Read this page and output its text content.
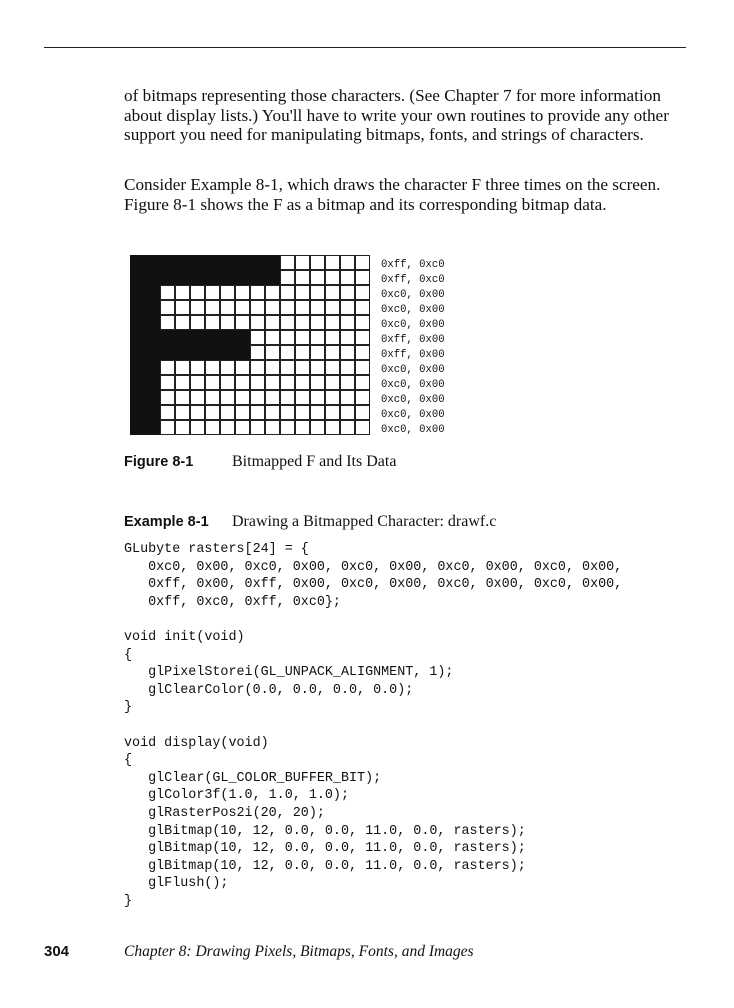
of bitmaps representing those characters. (See Chapter 7 for more information about display lists.) You'll have to write your own routines to provide any other support you need for manipulating bitmaps, fonts, and strings of characters.

Consider Example 8-1, which draws the character F three times on the screen. Figure 8-1 shows the F as a bitmap and its corresponding bitmap data.

0xff, 0xc0
0xff, 0xc0
0xc0, 0x00
0xc0, 0x00
0xc0, 0x00
0xff, 0x00
0xff, 0x00
0xc0, 0x00
0xc0, 0x00
0xc0, 0x00
0xc0, 0x00
0xc0, 0x00
Figure 8-1 Bitmapped F and Its Data
Example 8-1 Drawing a Bitmapped Character: drawf.c
GLubyte rasters[24] = {
0xc0, 0x00, 0xc0, 0x00, 0xc0, 0x00, 0xc0, 0x00, 0xc0, 0x00,
0xff, 0x00, 0xff, 0x00, 0xc0, 0x00, 0xc0, 0x00, 0xc0, 0x00,
0xff, 0xc0, 0xff, 0xc0};
void init(void)
{
glPixelStorei(GL_UNPACK_ALIGNMENT, 1);
glClearColor(0.0, 0.0, 0.0, 0.0);
}
void display(void)
{
glClear(GL_COLOR_BUFFER_BIT);
glColor3f(1.0, 1.0, 1.0);
glRasterPos2i(20, 20);
glBitmap(10, 12, 0.0, 0.0, 11.0, 0.0, rasters);
glBitmap(10, 12, 0.0, 0.0, 11.0, 0.0, rasters);
glBitmap(10, 12, 0.0, 0.0, 11.0, 0.0, rasters);
glFlush();
}
304	Chapter 8: Drawing Pixels, Bitmaps, Fonts, and Images
